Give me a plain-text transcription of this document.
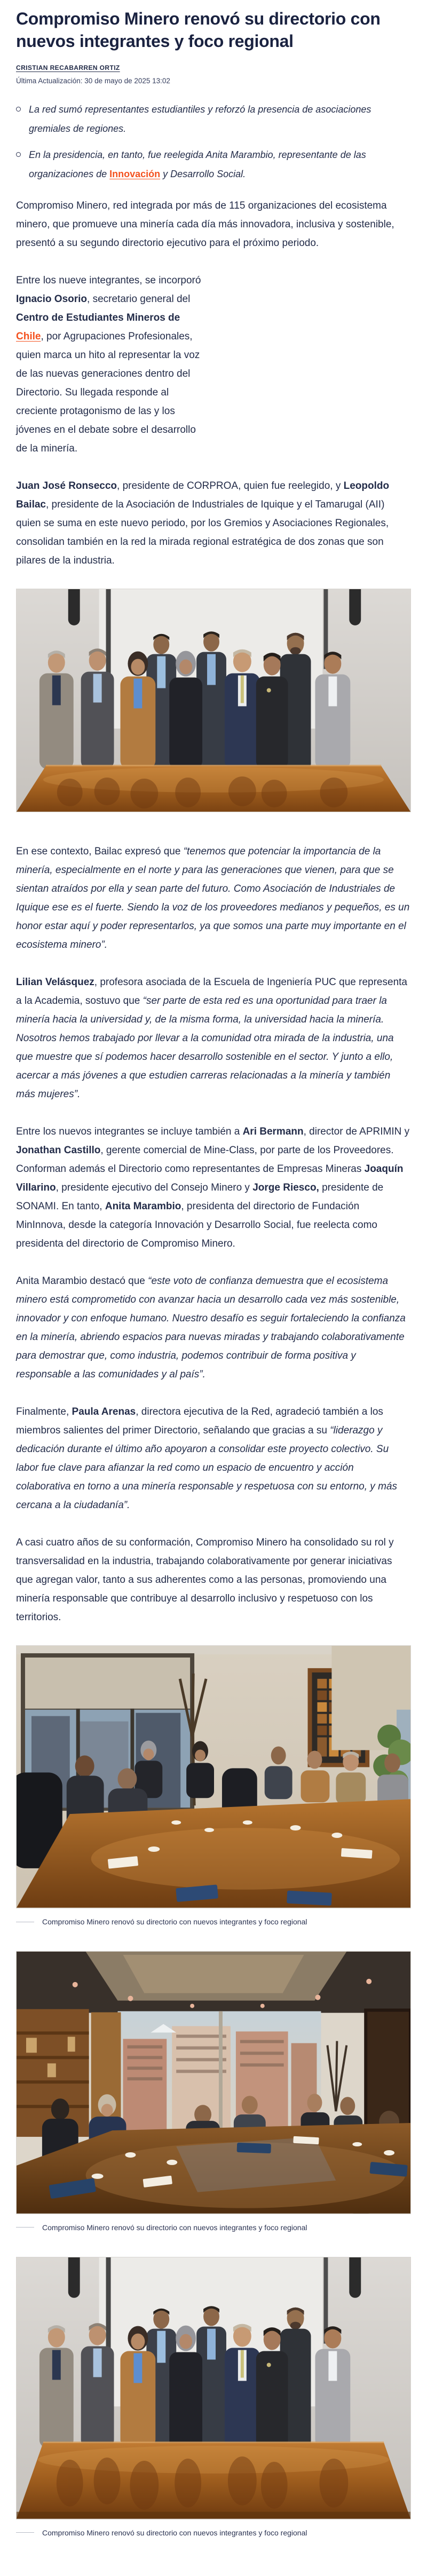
Compromiso Minero renovó su directorio con nuevos integrantes y foco regional
CRISTIAN RECABARREN ORTIZ
Última Actualización: 30 de mayo de 2025 13:02
La red sumó representantes estudiantiles y reforzó la presencia de asociaciones gremiales de regiones.
En la presidencia, en tanto, fue reelegida Anita Marambio, representante de las organizaciones de Innovación y Desarrollo Social.

Compromiso Minero, red integrada por más de 115 organizaciones del ecosistema minero, que promueve una minería cada día más innovadora, inclusiva y sostenible, presentó a su segundo directorio ejecutivo para el próximo periodo.

Entre los nueve integrantes, se incorporó Ignacio Osorio, secretario general del Centro de Estudiantes Mineros de Chile, por Agrupaciones Profesionales, quien marca un hito al representar la voz de las nuevas generaciones dentro del Directorio. Su llegada responde al creciente protagonismo de las y los jóvenes en el debate sobre el desarrollo de la minería.

Juan José Ronsecco, presidente de CORPROA, quien fue reelegido, y Leopoldo Bailac, presidente de la Asociación de Industriales de Iquique y el Tamarugal (AII) quien se suma en este nuevo periodo, por los Gremios y Asociaciones Regionales, consolidan también en la red la mirada regional estratégica de dos zonas que son pilares de la industria.

En ese contexto, Bailac expresó que “tenemos que potenciar la importancia de la minería, especialmente en el norte y para las generaciones que vienen, para que se sientan atraídos por ella y sean parte del futuro. Como Asociación de Industriales de Iquique ese es el fuerte. Siendo la voz de los proveedores medianos y pequeños, es un honor estar aquí y poder representarlos, ya que somos una parte muy importante en el ecosistema minero”.

Lilian Velásquez, profesora asociada de la Escuela de Ingeniería PUC que representa a la Academia, sostuvo que “ser parte de esta red es una oportunidad para traer la minería hacia la universidad y, de la misma forma, la universidad hacia la minería. Nosotros hemos trabajado por llevar a la comunidad otra mirada de la industria, una que muestre que sí podemos hacer desarrollo sostenible en el sector. Y junto a ello, acercar a más jóvenes a que estudien carreras relacionadas a la minería y también más mujeres”.

Entre los nuevos integrantes se incluye también a Ari Bermann, director de APRIMIN y Jonathan Castillo, gerente comercial de Mine-Class, por parte de los Proveedores. Conforman además el Directorio como representantes de Empresas Mineras Joaquín Villarino, presidente ejecutivo del Consejo Minero y Jorge Riesco, presidente de SONAMI. En tanto, Anita Marambio, presidenta del directorio de Fundación MinInnova, desde la categoría Innovación y Desarrollo Social, fue reelecta como presidenta del directorio de Compromiso Minero.

Anita Marambio destacó que “este voto de confianza demuestra que el ecosistema minero está comprometido con avanzar hacia un desarrollo cada vez más sostenible, innovador y con enfoque humano. Nuestro desafío es seguir fortaleciendo la confianza en la minería, abriendo espacios para nuevas miradas y trabajando colaborativamente para demostrar que, como industria, podemos contribuir de forma positiva y responsable a las comunidades y al país”.

Finalmente, Paula Arenas, directora ejecutiva de la Red, agradeció también a los miembros salientes del primer Directorio, señalando que gracias a su “liderazgo y dedicación durante el último año apoyaron a consolidar este proyecto colectivo. Su labor fue clave para afianzar la red como un espacio de encuentro y acción colaborativa en torno a una minería responsable y respetuosa con su entorno, y más cercana a la ciudadanía”.

A casi cuatro años de su conformación, Compromiso Minero ha consolidado su rol y transversalidad en la industria, trabajando colaborativamente por generar iniciativas que agregan valor, tanto a sus adherentes como a las personas, promoviendo una minería responsable que contribuye al desarrollo inclusivo y respetuoso con los territorios.

Compromiso Minero renovó su directorio con nuevos integrantes y foco regional
Compromiso Minero renovó su directorio con nuevos integrantes y foco regional
Compromiso Minero renovó su directorio con nuevos integrantes y foco regional
